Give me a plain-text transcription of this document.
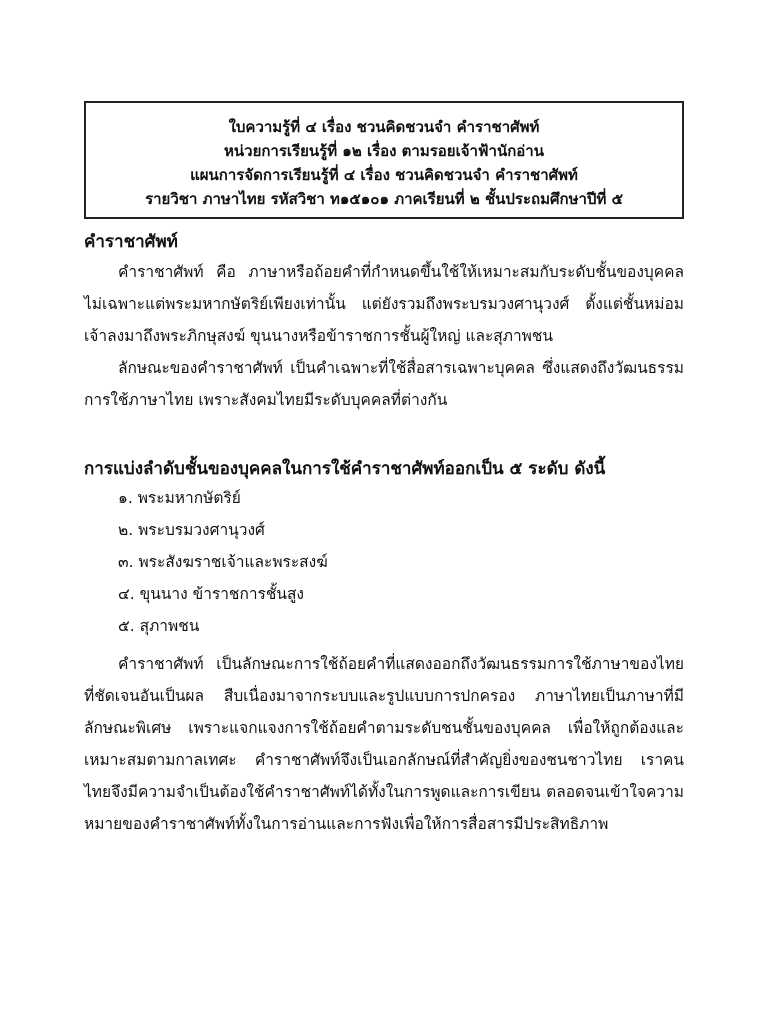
ใบความรู้ที่ ๔ เรื่อง ชวนคิดชวนจำ คำราชาศัพท์
หน่วยการเรียนรู้ที่ ๑๒ เรื่อง ตามรอยเจ้าฟ้านักอ่าน
แผนการจัดการเรียนรู้ที่ ๔ เรื่อง ชวนคิดชวนจำ คำราชาศัพท์
รายวิชา ภาษาไทย รหัสวิชา ท๑๕๑๐๑ ภาคเรียนที่ ๒ ชั้นประถมศึกษาปีที่ ๕
คำราชาศัพท์
คำราชาศัพท์ คือ ภาษาหรือถ้อยคำที่กำหนดขึ้นใช้ให้เหมาะสมกับระดับชั้นของบุคคล ไม่เฉพาะแต่พระมหากษัตริย์เพียงเท่านั้น แต่ยังรวมถึงพระบรมวงศานุวงศ์ ตั้งแต่ชั้นหม่อมเจ้าลงมาถึงพระภิกษุสงฆ์ ขุนนางหรือข้าราชการชั้นผู้ใหญ่ และสุภาพชน
ลักษณะของคำราชาศัพท์ เป็นคำเฉพาะที่ใช้สื่อสารเฉพาะบุคคล ซึ่งแสดงถึงวัฒนธรรมการใช้ภาษาไทย เพราะสังคมไทยมีระดับบุคคลที่ต่างกัน
การแบ่งลำดับชั้นของบุคคลในการใช้คำราชาศัพท์ออกเป็น ๕ ระดับ ดังนี้
๑. พระมหากษัตริย์
๒. พระบรมวงศานุวงศ์
๓. พระสังฆราชเจ้าและพระสงฆ์
๔. ขุนนาง ข้าราชการชั้นสูง
๕. สุภาพชน
คำราชาศัพท์ เป็นลักษณะการใช้ถ้อยคำที่แสดงออกถึงวัฒนธรรมการใช้ภาษาของไทยที่ชัดเจนอันเป็นผล สืบเนื่องมาจากระบบและรูปแบบการปกครอง ภาษาไทยเป็นภาษาที่มีลักษณะพิเศษ เพราะแจกแจงการใช้ถ้อยคำตามระดับชนชั้นของบุคคล เพื่อให้ถูกต้องและเหมาะสมตามกาลเทศะ คำราชาศัพท์จึงเป็นเอกลักษณ์ที่สำคัญยิ่งของชนชาวไทย เราคนไทยจึงมีความจำเป็นต้องใช้คำราชาศัพท์ได้ทั้งในการพูดและการเขียน ตลอดจนเข้าใจความหมายของคำราชาศัพท์ทั้งในการอ่านและการฟังเพื่อให้การสื่อสารมีประสิทธิภาพ
